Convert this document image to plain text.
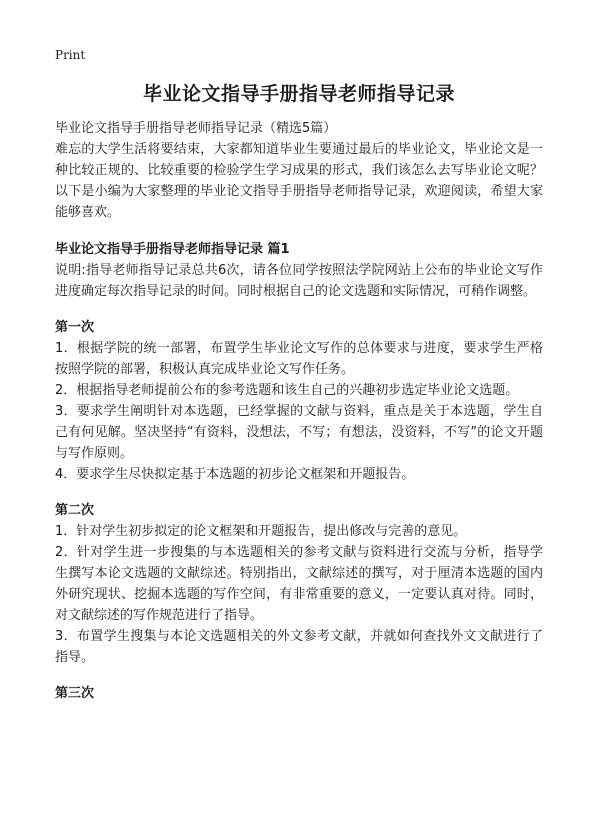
Print
毕业论文指导手册指导老师指导记录
毕业论文指导手册指导老师指导记录（精选5篇）

难忘的大学生活将要结束，大家都知道毕业生要通过最后的毕业论文，毕业论文是一种比较正规的、比较重要的检验学生学习成果的形式，我们该怎么去写毕业论文呢？以下是小编为大家整理的毕业论文指导手册指导老师指导记录，欢迎阅读，希望大家能够喜欢。

毕业论文指导手册指导老师指导记录 篇1

说明:指导老师指导记录总共6次，请各位同学按照法学院网站上公布的毕业论文写作进度确定每次指导记录的时间。同时根据自己的论文选题和实际情况，可稍作调整。

第一次

1．根据学院的统一部署，布置学生毕业论文写作的总体要求与进度，要求学生严格按照学院的部署，积极认真完成毕业论文写作任务。

2．根据指导老师提前公布的参考选题和该生自己的兴趣初步选定毕业论文选题。

3．要求学生阐明针对本选题，已经掌握的文献与资料，重点是关于本选题，学生自己有何见解。坚决坚持“有资料，没想法，不写；有想法，没资料，不写”的论文开题与写作原则。

4．要求学生尽快拟定基于本选题的初步论文框架和开题报告。

第二次

1．针对学生初步拟定的论文框架和开题报告，提出修改与完善的意见。

2．针对学生进一步搜集的与本选题相关的参考文献与资料进行交流与分析，指导学生撰写本论文选题的文献综述。特别指出，文献综述的撰写，对于厘清本选题的国内外研究现状、挖掘本选题的写作空间，有非常重要的意义，一定要认真对待。同时，对文献综述的写作规范进行了指导。

3．布置学生搜集与本论文选题相关的外文参考文献，并就如何查找外文文献进行了指导。

第三次
